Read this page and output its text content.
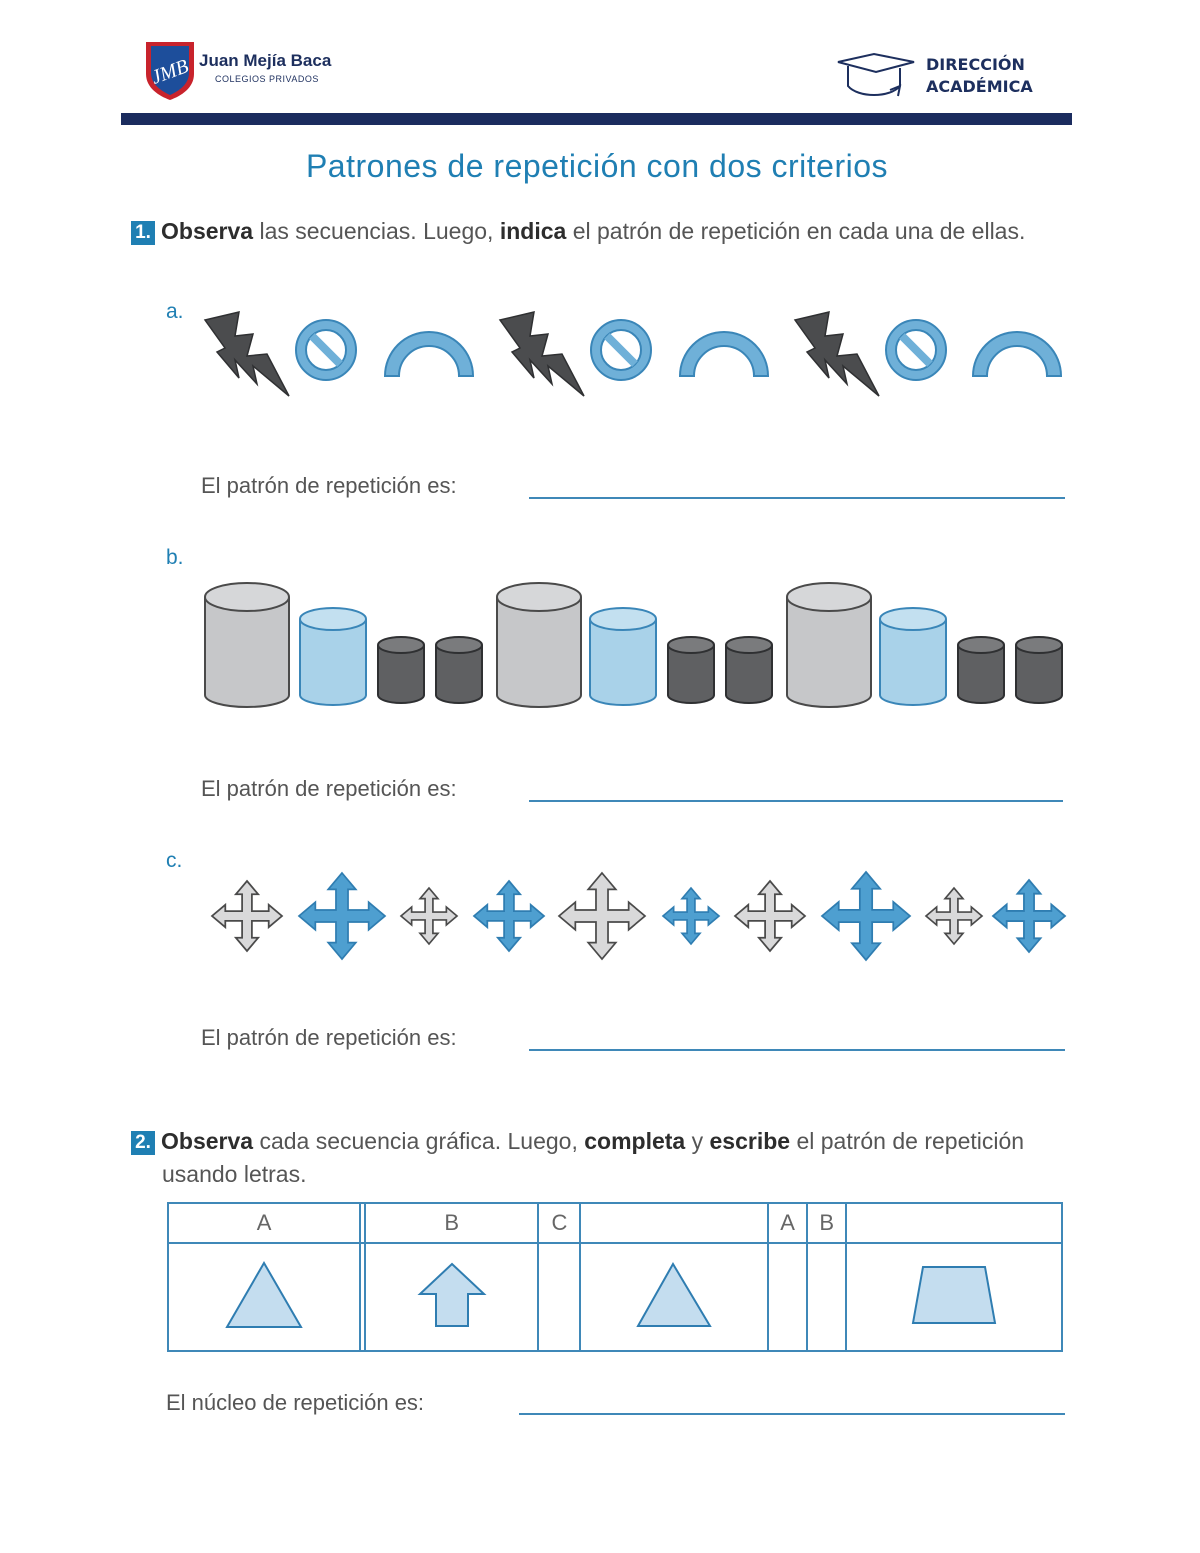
JMB Juan Mejía Baca
COLEGIOS PRIVADOS
DIRECCIÓN
ACADÉMICA
Patrones de repetición con dos criterios
1. Observa las secuencias. Luego, indica el patrón de repetición en cada una de ellas.
a.
El patrón de repetición es:
b.
El patrón de repetición es:
c.
El patrón de repetición es:
2. Observa cada secuencia gráfica. Luego, completa y escribe el patrón de repetición
usando letras.
A		B	C		A	B	

El núcleo de repetición es:
